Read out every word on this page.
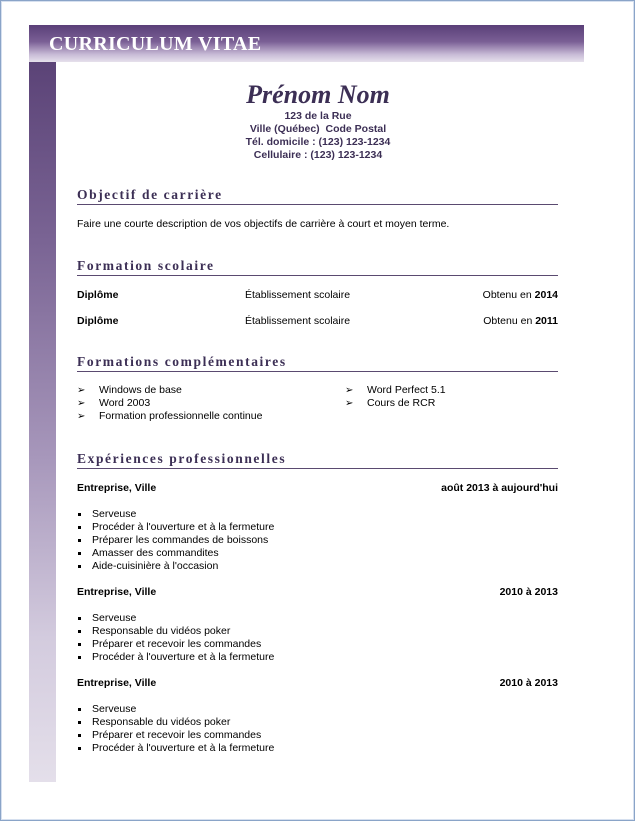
CURRICULUM VITAE
Prénom Nom
123 de la Rue
Ville (Québec)  Code Postal
Tél. domicile : (123) 123-1234
Cellulaire : (123) 123-1234
Objectif de carrière
Faire une courte description de vos objectifs de carrière à court et moyen terme.
Formation scolaire
Diplôme	Établissement scolaire	Obtenu en 2014
Diplôme	Établissement scolaire	Obtenu en 2011
Formations complémentaires
➢ Windows de base
➢ Word 2003
➢ Formation professionnelle continue
➢ Word Perfect 5.1
➢ Cours de RCR
Expériences professionnelles
Entreprise, Ville	août 2013 à aujourd'hui
Serveuse
Procéder à l'ouverture et à la fermeture
Préparer les commandes de boissons
Amasser des commandites
Aide-cuisinière à l'occasion
Entreprise, Ville	2010 à 2013
Serveuse
Responsable du vidéos poker
Préparer et recevoir les commandes
Procéder à l'ouverture et à la fermeture
Entreprise, Ville	2010 à 2013
Serveuse
Responsable du vidéos poker
Préparer et recevoir les commandes
Procéder à l'ouverture et à la fermeture
